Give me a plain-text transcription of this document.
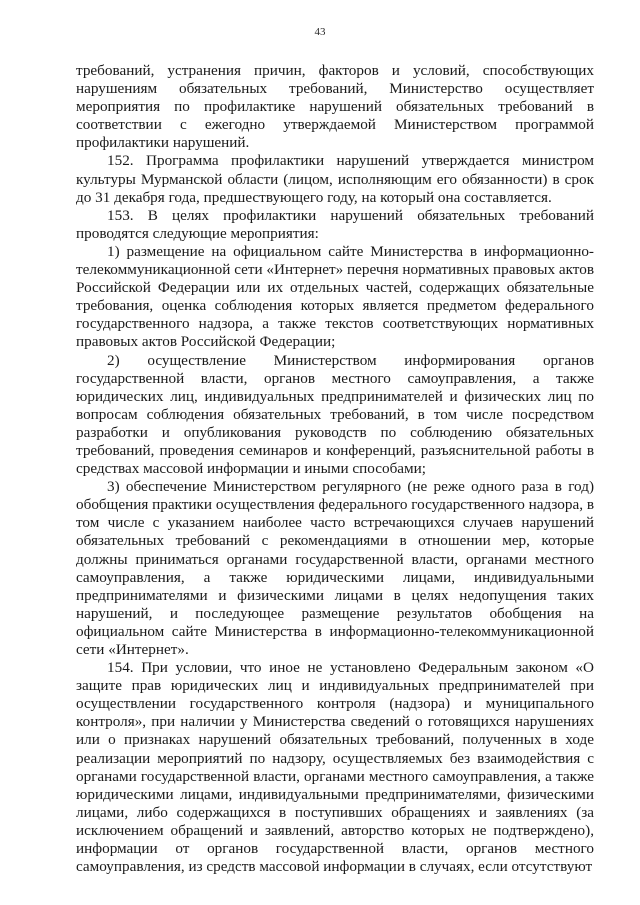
43

требований, устранения причин, факторов и условий, способствующих нарушениям обязательных требований, Министерство осуществляет мероприятия по профилактике нарушений обязательных требований в соответствии с ежегодно утверждаемой Министерством программой профилактики нарушений.

152. Программа профилактики нарушений утверждается министром культуры Мурманской области (лицом, исполняющим его обязанности) в срок до 31 декабря года, предшествующего году, на который она составляется.

153. В целях профилактики нарушений обязательных требований проводятся следующие мероприятия:

1) размещение на официальном сайте Министерства в информационно-телекоммуникационной сети «Интернет» перечня нормативных правовых актов Российской Федерации или их отдельных частей, содержащих обязательные требования, оценка соблюдения которых является предметом федерального государственного надзора, а также текстов соответствующих нормативных правовых актов Российской Федерации;

2) осуществление Министерством информирования органов государственной власти, органов местного самоуправления, а также юридических лиц, индивидуальных предпринимателей и физических лиц по вопросам соблюдения обязательных требований, в том числе посредством разработки и опубликования руководств по соблюдению обязательных требований, проведения семинаров и конференций, разъяснительной работы в средствах массовой информации и иными способами;

3) обеспечение Министерством регулярного (не реже одного раза в год) обобщения практики осуществления федерального государственного надзора, в том числе с указанием наиболее часто встречающихся случаев нарушений обязательных требований с рекомендациями в отношении мер, которые должны приниматься органами государственной власти, органами местного самоуправления, а также юридическими лицами, индивидуальными предпринимателями и физическими лицами в целях недопущения таких нарушений, и последующее размещение результатов обобщения на официальном сайте Министерства в информационно-телекоммуникационной сети «Интернет».

154. При условии, что иное не установлено Федеральным законом «О защите прав юридических лиц и индивидуальных предпринимателей при осуществлении государственного контроля (надзора) и муниципального контроля», при наличии у Министерства сведений о готовящихся нарушениях или о признаках нарушений обязательных требований, полученных в ходе реализации мероприятий по надзору, осуществляемых без взаимодействия с органами государственной власти, органами местного самоуправления, а также юридическими лицами, индивидуальными предпринимателями, физическими лицами, либо содержащихся в поступивших обращениях и заявлениях (за исключением обращений и заявлений, авторство которых не подтверждено), информации от органов государственной власти, органов местного самоуправления, из средств массовой информации в случаях, если отсутствуют
